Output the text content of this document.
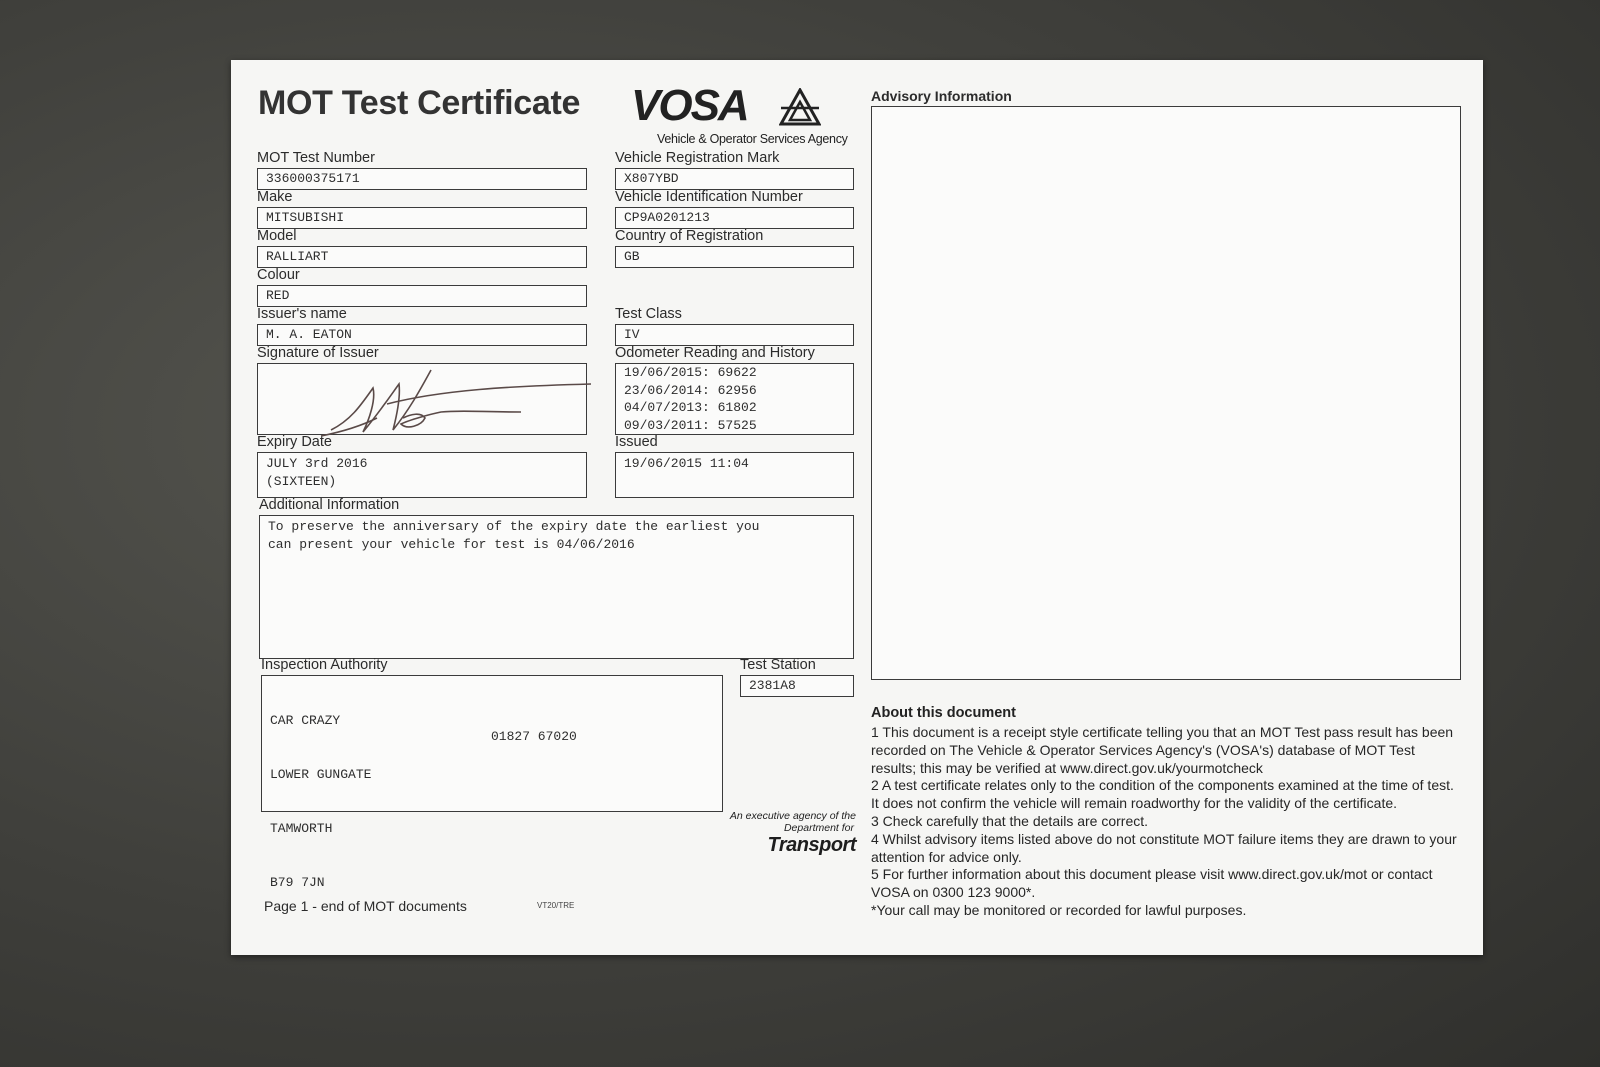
MOT Test Certificate VOSA
Vehicle & Operator Services Agency
MOT Test Number
336000375171
Make
MITSUBISHI
Model
RALLIART
Colour
RED
Issuer's name
M. A. EATON
Signature of Issuer
Expiry Date
JULY 3rd 2016
(SIXTEEN)
Vehicle Registration Mark
X807YBD
Vehicle Identification Number
CP9A0201213
Country of Registration
GB
Test Class
IV
Odometer Reading and History
19/06/2015: 69622
23/06/2014: 62956
04/07/2013: 61802
09/03/2011: 57525
Issued
19/06/2015 11:04
Additional Information
To preserve the anniversary of the expiry date the earliest you
can present your vehicle for test is 04/06/2016
Inspection Authority

CAR CRAZY

LOWER GUNGATE

TAMWORTH

B79 7JN

01827 67020
Test Station
2381A8
An executive agency of the
Department for
Transport
Page 1 - end of MOT documents	VT20/TRE
Advisory Information
About this document

1 This document is a receipt style certificate telling you that an MOT Test pass result has been recorded on The Vehicle & Operator Services Agency's (VOSA's) database of MOT Test results; this may be verified at www.direct.gov.uk/yourmotcheck

2 A test certificate relates only to the condition of the components examined at the time of test. It does not confirm the vehicle will remain roadworthy for the validity of the certificate.

3 Check carefully that the details are correct.

4 Whilst advisory items listed above do not constitute MOT failure items they are drawn to your attention for advice only.

5 For further information about this document please visit www.direct.gov.uk/mot or contact VOSA on 0300 123 9000*.

*Your call may be monitored or recorded for lawful purposes.
